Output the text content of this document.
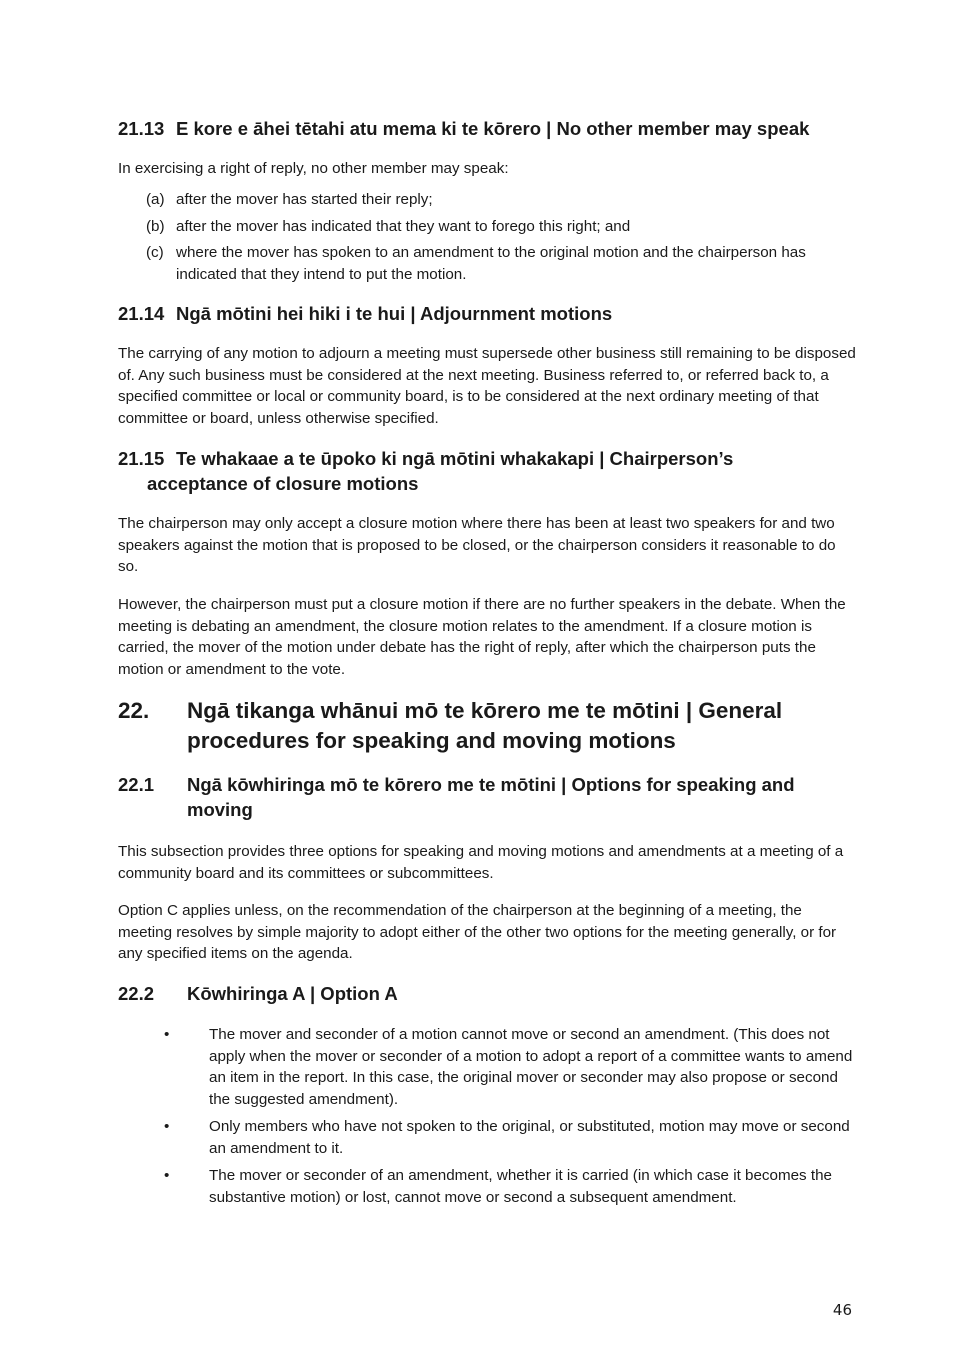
21.13 E kore e āhei tētahi atu mema ki te kōrero | No other member may speak

In exercising a right of reply, no other member may speak:

(a) after the mover has started their reply;
(b) after the mover has indicated that they want to forego this right; and
(c) where the mover has spoken to an amendment to the original motion and the chairperson has indicated that they intend to put the motion.
21.14 Ngā mōtini hei hiki i te hui | Adjournment motions

The carrying of any motion to adjourn a meeting must supersede other business still remaining to be disposed of. Any such business must be considered at the next meeting. Business referred to, or referred back to, a specified committee or local or community board, is to be considered at the next ordinary meeting of that committee or board, unless otherwise specified.

21.15 Te whakaae a te ūpoko ki ngā mōtini whakakapi | Chairperson’s
acceptance of closure motions

The chairperson may only accept a closure motion where there has been at least two speakers for and two speakers against the motion that is proposed to be closed, or the chairperson considers it reasonable to do so.

However, the chairperson must put a closure motion if there are no further speakers in the debate. When the meeting is debating an amendment, the closure motion relates to the amendment. If a closure motion is carried, the mover of the motion under debate has the right of reply, after which the chairperson puts the motion or amendment to the vote.

22. Ngā tikanga whānui mō te kōrero me te mōtini | General
procedures for speaking and moving motions
22.1 Ngā kōwhiringa mō te kōrero me te mōtini | Options for speaking and
moving

This subsection provides three options for speaking and moving motions and amendments at a meeting of a community board and its committees or subcommittees.

Option C applies unless, on the recommendation of the chairperson at the beginning of a meeting, the meeting resolves by simple majority to adopt either of the other two options for the meeting generally, or for any specified items on the agenda.

22.2 Kōwhiringa A | Option A
•	The mover and seconder of a motion cannot move or second an amendment. (This does not apply when the mover or seconder of a motion to adopt a report of a committee wants to amend an item in the report. In this case, the original mover or seconder may also propose or second the suggested amendment).
•	Only members who have not spoken to the original, or substituted, motion may move or second an amendment to it.
•	The mover or seconder of an amendment, whether it is carried (in which case it becomes the substantive motion) or lost, cannot move or second a subsequent amendment.
46
